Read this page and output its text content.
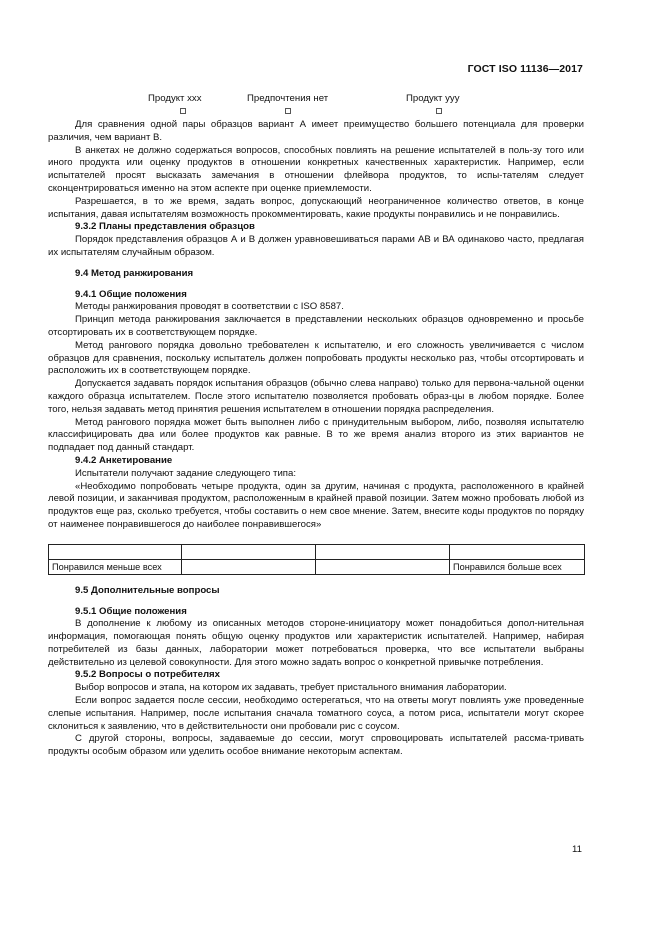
ГОСТ ISO 11136—2017
Продукт ххх	Предпочтения нет	Продукт ууу

Для сравнения одной пары образцов вариант А имеет преимущество большего потенциала для проверки различия, чем вариант В.

В анкетах не должно содержаться вопросов, способных повлиять на решение испытателей в поль-зу того или иного продукта или оценку продуктов в отношении конкретных качественных характеристик. Например, если испытателей просят высказать замечания в отношении флейвора продуктов, то испы-тателям следует сконцентрироваться именно на этом аспекте при оценке приемлемости.

Разрешается, в то же время, задать вопрос, допускающий неограниченное количество ответов, в конце испытания, давая испытателям возможность прокомментировать, какие продукты понравились и не понравились.

9.3.2 Планы представления образцов

Порядок представления образцов А и В должен уравновешиваться парами АВ и ВА одинаково часто, предлагая их испытателям случайным образом.

9.4 Метод ранжирования

9.4.1 Общие положения

Методы ранжирования проводят в соответствии с ISO 8587.

Принцип метода ранжирования заключается в представлении нескольких образцов одновременно и просьбе отсортировать их в соответствующем порядке.

Метод рангового порядка довольно требователен к испытателю, и его сложность увеличивается с числом образцов для сравнения, поскольку испытатель должен попробовать продукты несколько раз, чтобы отсортировать и расположить их в соответствующем порядке.

Допускается задавать порядок испытания образцов (обычно слева направо) только для первона-чальной оценки каждого образца испытателем. После этого испытателю позволяется пробовать образ-цы в любом порядке. Более того, нельзя задавать метод принятия решения испытателем в отношении порядка распределения.

Метод рангового порядка может быть выполнен либо с принудительным выбором, либо, позволяя испытателю классифицировать два или более продуктов как равные. В то же время анализ второго из этих вариантов не подпадает под данный стандарт.

9.4.2 Анкетирование

Испытатели получают задание следующего типа:

«Необходимо попробовать четыре продукта, один за другим, начиная с продукта, расположенного в крайней левой позиции, и заканчивая продуктом, расположенным в крайней правой позиции. Затем можно пробовать любой из продуктов еще раз, сколько требуется, чтобы составить о нем свое мнение. Затем, внесите коды продуктов по порядку от наименее понравившегося до наиболее понравившегося»

Понравился меньше всех			Понравился больше всех

9.5 Дополнительные вопросы

9.5.1 Общие положения

В дополнение к любому из описанных методов стороне-инициатору может понадобиться допол-нительная информация, помогающая понять общую оценку продуктов или характеристик испытателей. Например, набирая потребителей из базы данных, лаборатории может потребоваться проверка, что все испытатели выбраны действительно из целевой совокупности. Для этого можно задать вопрос о конкретной привычке потребления.

9.5.2 Вопросы о потребителях

Выбор вопросов и этапа, на котором их задавать, требует пристального внимания лаборатории.

Если вопрос задается после сессии, необходимо остерегаться, что на ответы могут повлиять уже проведенные слепые испытания. Например, после испытания сначала томатного соуса, а потом риса, испытатели могут скорее склониться к заявлению, что в действительности они пробовали рис с соусом.

С другой стороны, вопросы, задаваемые до сессии, могут спровоцировать испытателей рассма-тривать продукты особым образом или уделить особое внимание некоторым аспектам.

11
